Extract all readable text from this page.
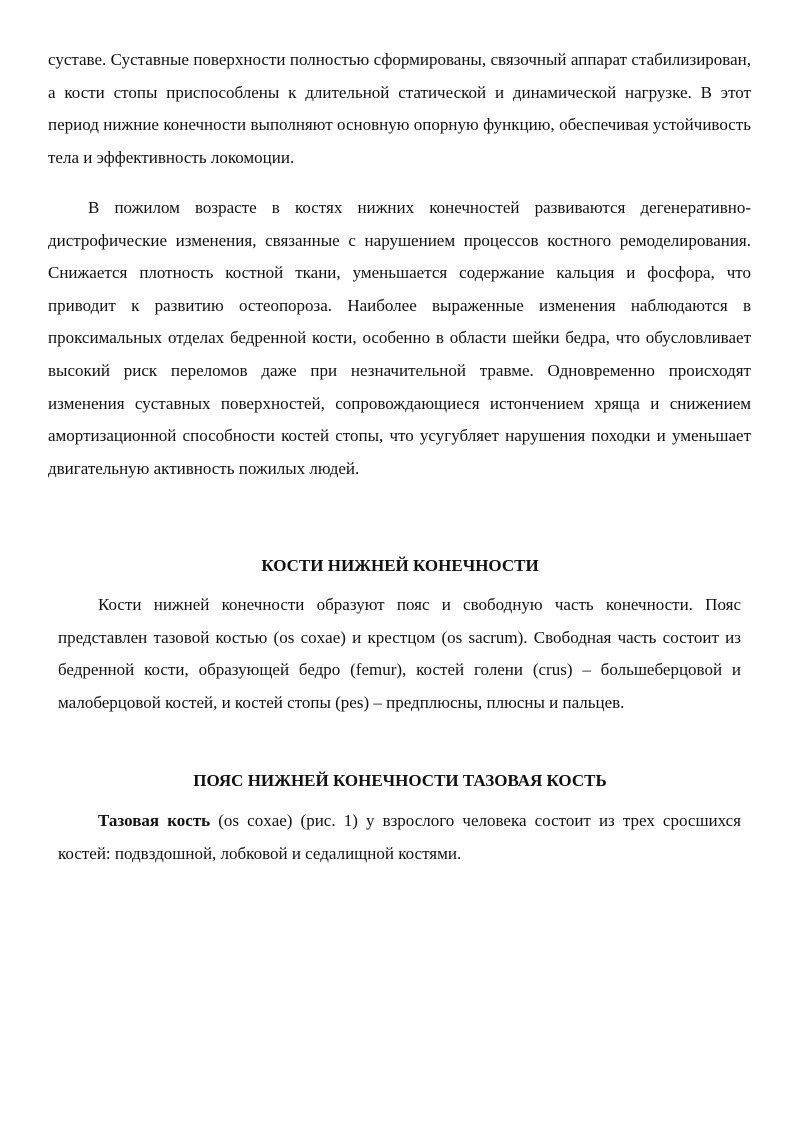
суставе. Суставные поверхности полностью сформированы, связочный аппарат стабилизирован, а кости стопы приспособлены к длительной статической и динамической нагрузке. В этот период нижние конечности выполняют основную опорную функцию, обеспечивая устойчивость тела и эффективность локомоции.

В пожилом возрасте в костях нижних конечностей развиваются дегенеративно-дистрофические изменения, связанные с нарушением процессов костного ремоделирования. Снижается плотность костной ткани, уменьшается содержание кальция и фосфора, что приводит к развитию остеопороза. Наиболее выраженные изменения наблюдаются в проксимальных отделах бедренной кости, особенно в области шейки бедра, что обусловливает высокий риск переломов даже при незначительной травме. Одновременно происходят изменения суставных поверхностей, сопровождающиеся истончением хряща и снижением амортизационной способности костей стопы, что усугубляет нарушения походки и уменьшает двигательную активность пожилых людей.

КОСТИ НИЖНЕЙ КОНЕЧНОСТИ

Кости нижней конечности образуют пояс и свободную часть конечности. Пояс представлен тазовой костью (os coxae) и крестцом (os sacrum). Свободная часть состоит из бедренной кости, образующей бедро (femur), костей голени (crus) – большеберцовой и малоберцовой костей, и костей стопы (pes) – предплюсны, плюсны и пальцев.

ПОЯС НИЖНЕЙ КОНЕЧНОСТИ ТАЗОВАЯ КОСТЬ

Тазовая кость (os coxae) (рис. 1) у взрослого человека состоит из трех сросшихся костей: подвздошной, лобковой и седалищной костями.
